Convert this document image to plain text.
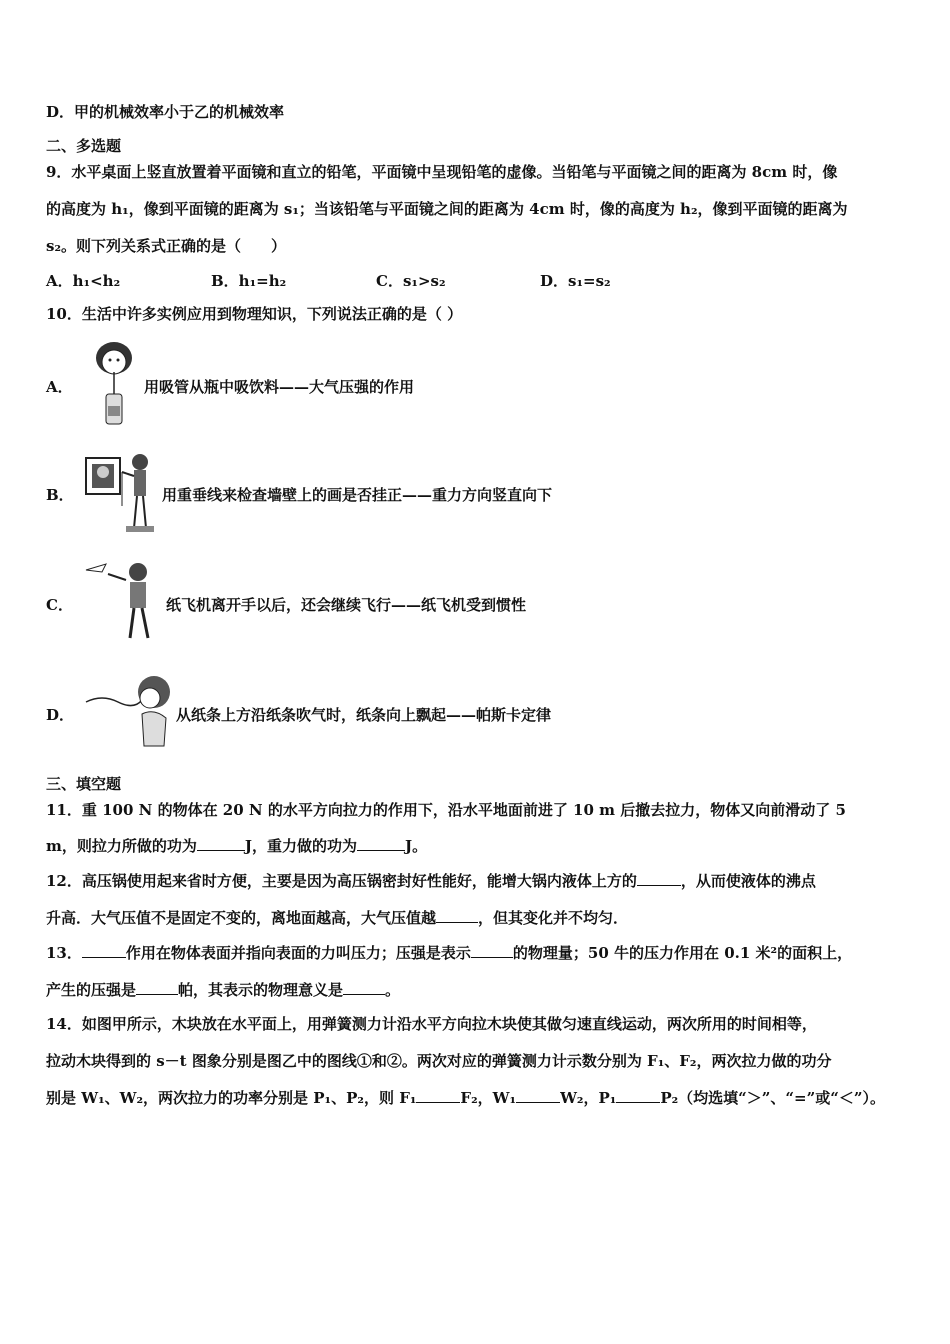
D．甲的机械效率小于乙的机械效率
二、多选题
9．水平桌面上竖直放置着平面镜和直立的铅笔，平面镜中呈现铅笔的虚像。当铅笔与平面镜之间的距离为 8cm 时，像
的高度为 h₁，像到平面镜的距离为 s₁；当该铅笔与平面镜之间的距离为 4cm 时，像的高度为 h₂，像到平面镜的距离为
s₂。则下列关系式正确的是（　　）
A．h₁<h₂	B．h₁=h₂	C．s₁>s₂	D．s₁=s₂
10．生活中许多实例应用到物理知识，下列说法正确的是（ ）
A．	用吸管从瓶中吸饮料——大气压强的作用
B．	用重垂线来检查墙壁上的画是否挂正——重力方向竖直向下
C．	纸飞机离开手以后，还会继续飞行——纸飞机受到惯性
D．	从纸条上方沿纸条吹气时，纸条向上飘起——帕斯卡定律
三、填空题
11．重 100 N 的物体在 20 N 的水平方向拉力的作用下，沿水平地面前进了 10 m 后撤去拉力，物体又向前滑动了 5
m，则拉力所做的功为	J，重力做的功为	J。
12．高压锅使用起来省时方便，主要是因为高压锅密封好性能好，能增大锅内液体上方的	，从而使液体的沸点
升高．大气压值不是固定不变的，离地面越高，大气压值越	，但其变化并不均匀．
13．	作用在物体表面并指向表面的力叫压力；压强是表示	的物理量；50 牛的压力作用在 0.1 米²的面积上，
产生的压强是	帕，其表示的物理意义是	。
14．如图甲所示，木块放在水平面上，用弹簧测力计沿水平方向拉木块使其做匀速直线运动，两次所用的时间相等，
拉动木块得到的 s－t 图象分别是图乙中的图线①和②。两次对应的弹簧测力计示数分别为 F₁、F₂，两次拉力做的功分
别是 W₁、W₂，两次拉力的功率分别是 P₁、P₂，则 F₁	F₂，W₁	W₂，P₁	P₂（均选填“＞”、“=”或“＜”）。
